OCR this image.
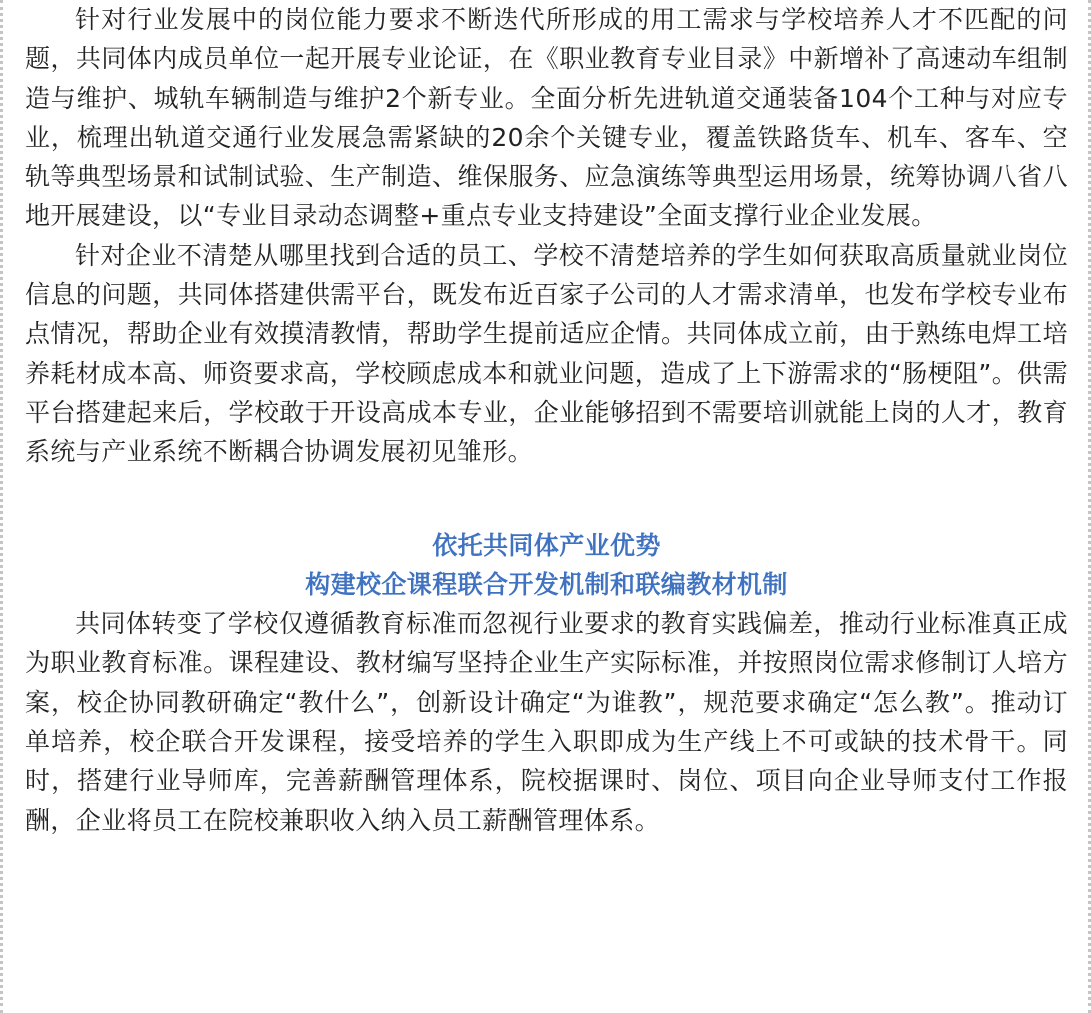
针对行业发展中的岗位能力要求不断迭代所形成的用工需求与学校培养人才不匹配的问题，共同体内成员单位一起开展专业论证，在《职业教育专业目录》中新增补了高速动车组制造与维护、城轨车辆制造与维护2个新专业。全面分析先进轨道交通装备104个工种与对应专业，梳理出轨道交通行业发展急需紧缺的20余个关键专业，覆盖铁路货车、机车、客车、空轨等典型场景和试制试验、生产制造、维保服务、应急演练等典型运用场景，统筹协调八省八地开展建设，以“专业目录动态调整+重点专业支持建设”全面支撑行业企业发展。

针对企业不清楚从哪里找到合适的员工、学校不清楚培养的学生如何获取高质量就业岗位信息的问题，共同体搭建供需平台，既发布近百家子公司的人才需求清单，也发布学校专业布点情况，帮助企业有效摸清教情，帮助学生提前适应企情。共同体成立前，由于熟练电焊工培养耗材成本高、师资要求高，学校顾虑成本和就业问题，造成了上下游需求的“肠梗阻”。供需平台搭建起来后，学校敢于开设高成本专业，企业能够招到不需要培训就能上岗的人才，教育系统与产业系统不断耦合协调发展初见雏形。

依托共同体产业优势

构建校企课程联合开发机制和联编教材机制

共同体转变了学校仅遵循教育标准而忽视行业要求的教育实践偏差，推动行业标准真正成为职业教育标准。课程建设、教材编写坚持企业生产实际标准，并按照岗位需求修制订人培方案，校企协同教研确定“教什么”，创新设计确定“为谁教”，规范要求确定“怎么教”。推动订单培养，校企联合开发课程，接受培养的学生入职即成为生产线上不可或缺的技术骨干。同时，搭建行业导师库，完善薪酬管理体系，院校据课时、岗位、项目向企业导师支付工作报酬，企业将员工在院校兼职收入纳入员工薪酬管理体系。
